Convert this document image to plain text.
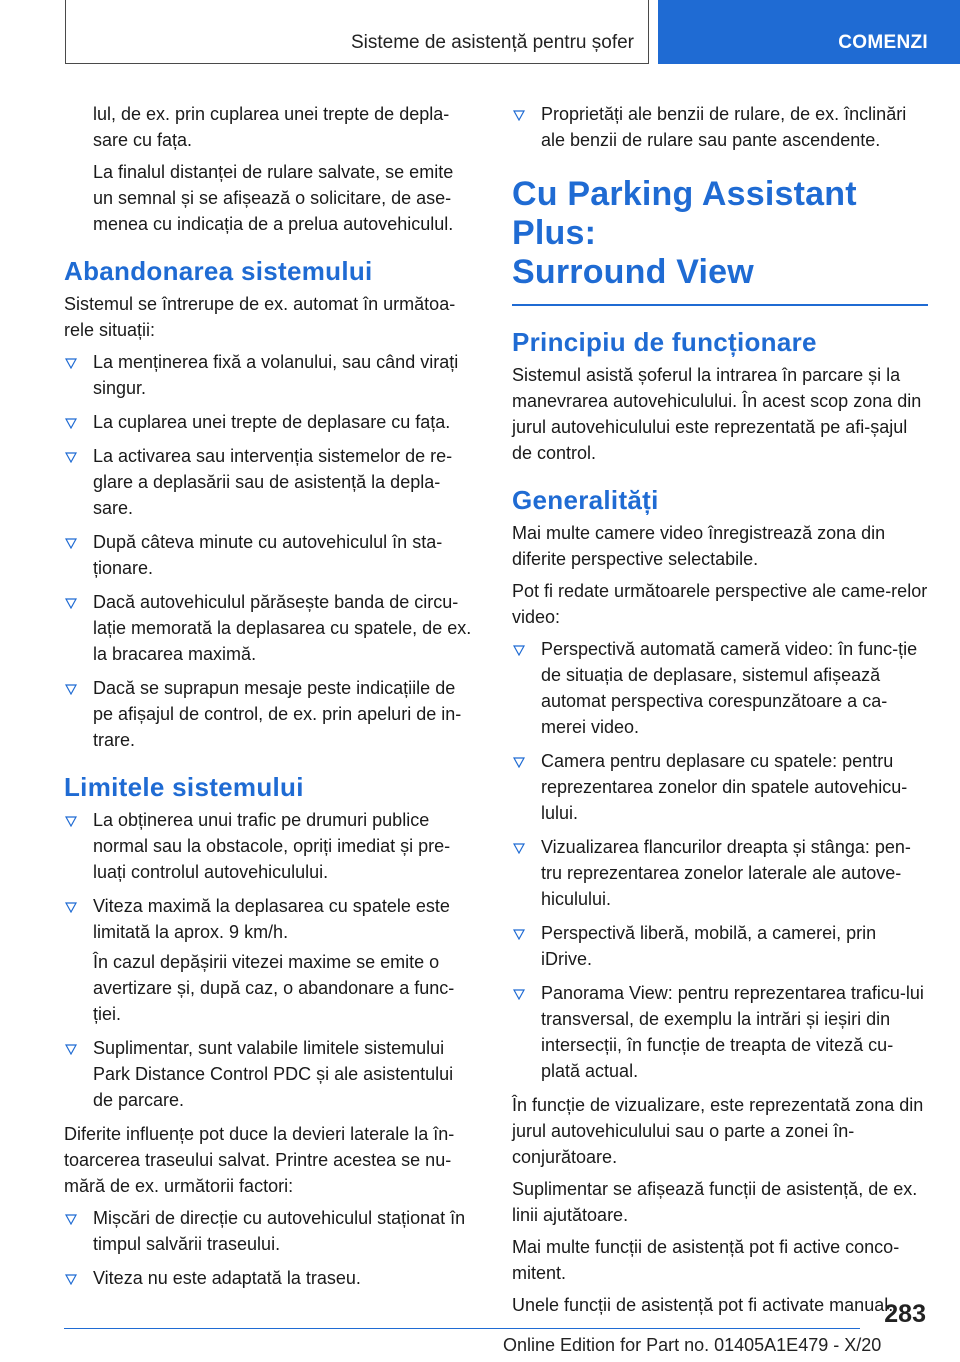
Sisteme de asistență pentru șofer	COMENZI

lul, de ex. prin cuplarea unei trepte de depla-sare cu fața.

La finalul distanței de rulare salvate, se emite un semnal și se afișează o solicitare, de ase-menea cu indicația de a prelua autovehiculul.

Abandonarea sistemului

Sistemul se întrerupe de ex. automat în următoa-rele situații:

La menținerea fixă a volanului, sau când virați singur.
La cuplarea unei trepte de deplasare cu fața.
La activarea sau intervenția sistemelor de re-glare a deplasării sau de asistență la depla-sare.
După câteva minute cu autovehiculul în sta-ționare.
Dacă autovehiculul părăsește banda de circu-lație memorată la deplasarea cu spatele, de ex. la bracarea maximă.
Dacă se suprapun mesaje peste indicațiile de pe afișajul de control, de ex. prin apeluri de in-trare.
Limitele sistemului
La obținerea unui trafic pe drumuri publice normal sau la obstacole, opriți imediat și pre-luați controlul autovehiculului.
Viteza maximă la deplasarea cu spatele este limitată la aprox. 9 km/h.

În cazul depășirii vitezei maxime se emite o avertizare și, după caz, o abandonare a func-ției.

Suplimentar, sunt valabile limitele sistemului Park Distance Control PDC și ale asistentului de parcare.

Diferite influențe pot duce la devieri laterale la în-toarcerea traseului salvat. Printre acestea se nu-mără de ex. următorii factori:

Mișcări de direcție cu autovehiculul staționat în timpul salvării traseului.
Viteza nu este adaptată la traseu.
Proprietăți ale benzii de rulare, de ex. înclinări ale benzii de rulare sau pante ascendente.
Cu Parking Assistant Plus:
Surround View
Principiu de funcționare

Sistemul asistă șoferul la intrarea în parcare și la manevrarea autovehiculului. În acest scop zona din jurul autovehiculului este reprezentată pe afi-șajul de control.

Generalități

Mai multe camere video înregistrează zona din diferite perspective selectabile.

Pot fi redate următoarele perspective ale came-relor video:

Perspectivă automată cameră video: în func-ție de situația de deplasare, sistemul afișează automat perspectiva corespunzătoare a ca-merei video.
Camera pentru deplasare cu spatele: pentru reprezentarea zonelor din spatele autovehicu-lului.
Vizualizarea flancurilor dreapta și stânga: pen-tru reprezentarea zonelor laterale ale autove-hiculului.
Perspectivă liberă, mobilă, a camerei, prin iDrive.
Panorama View: pentru reprezentarea traficu-lui transversal, de exemplu la intrări și ieșiri din intersecții, în funcție de treapta de viteză cu-plată actual.

În funcție de vizualizare, este reprezentată zona din jurul autovehiculului sau o parte a zonei în-conjurătoare.

Suplimentar se afișează funcții de asistență, de ex. linii ajutătoare.

Mai multe funcții de asistență pot fi active conco-mitent.

Unele funcții de asistență pot fi activate manual.

283
Online Edition for Part no. 01405A1E479 - X/20
